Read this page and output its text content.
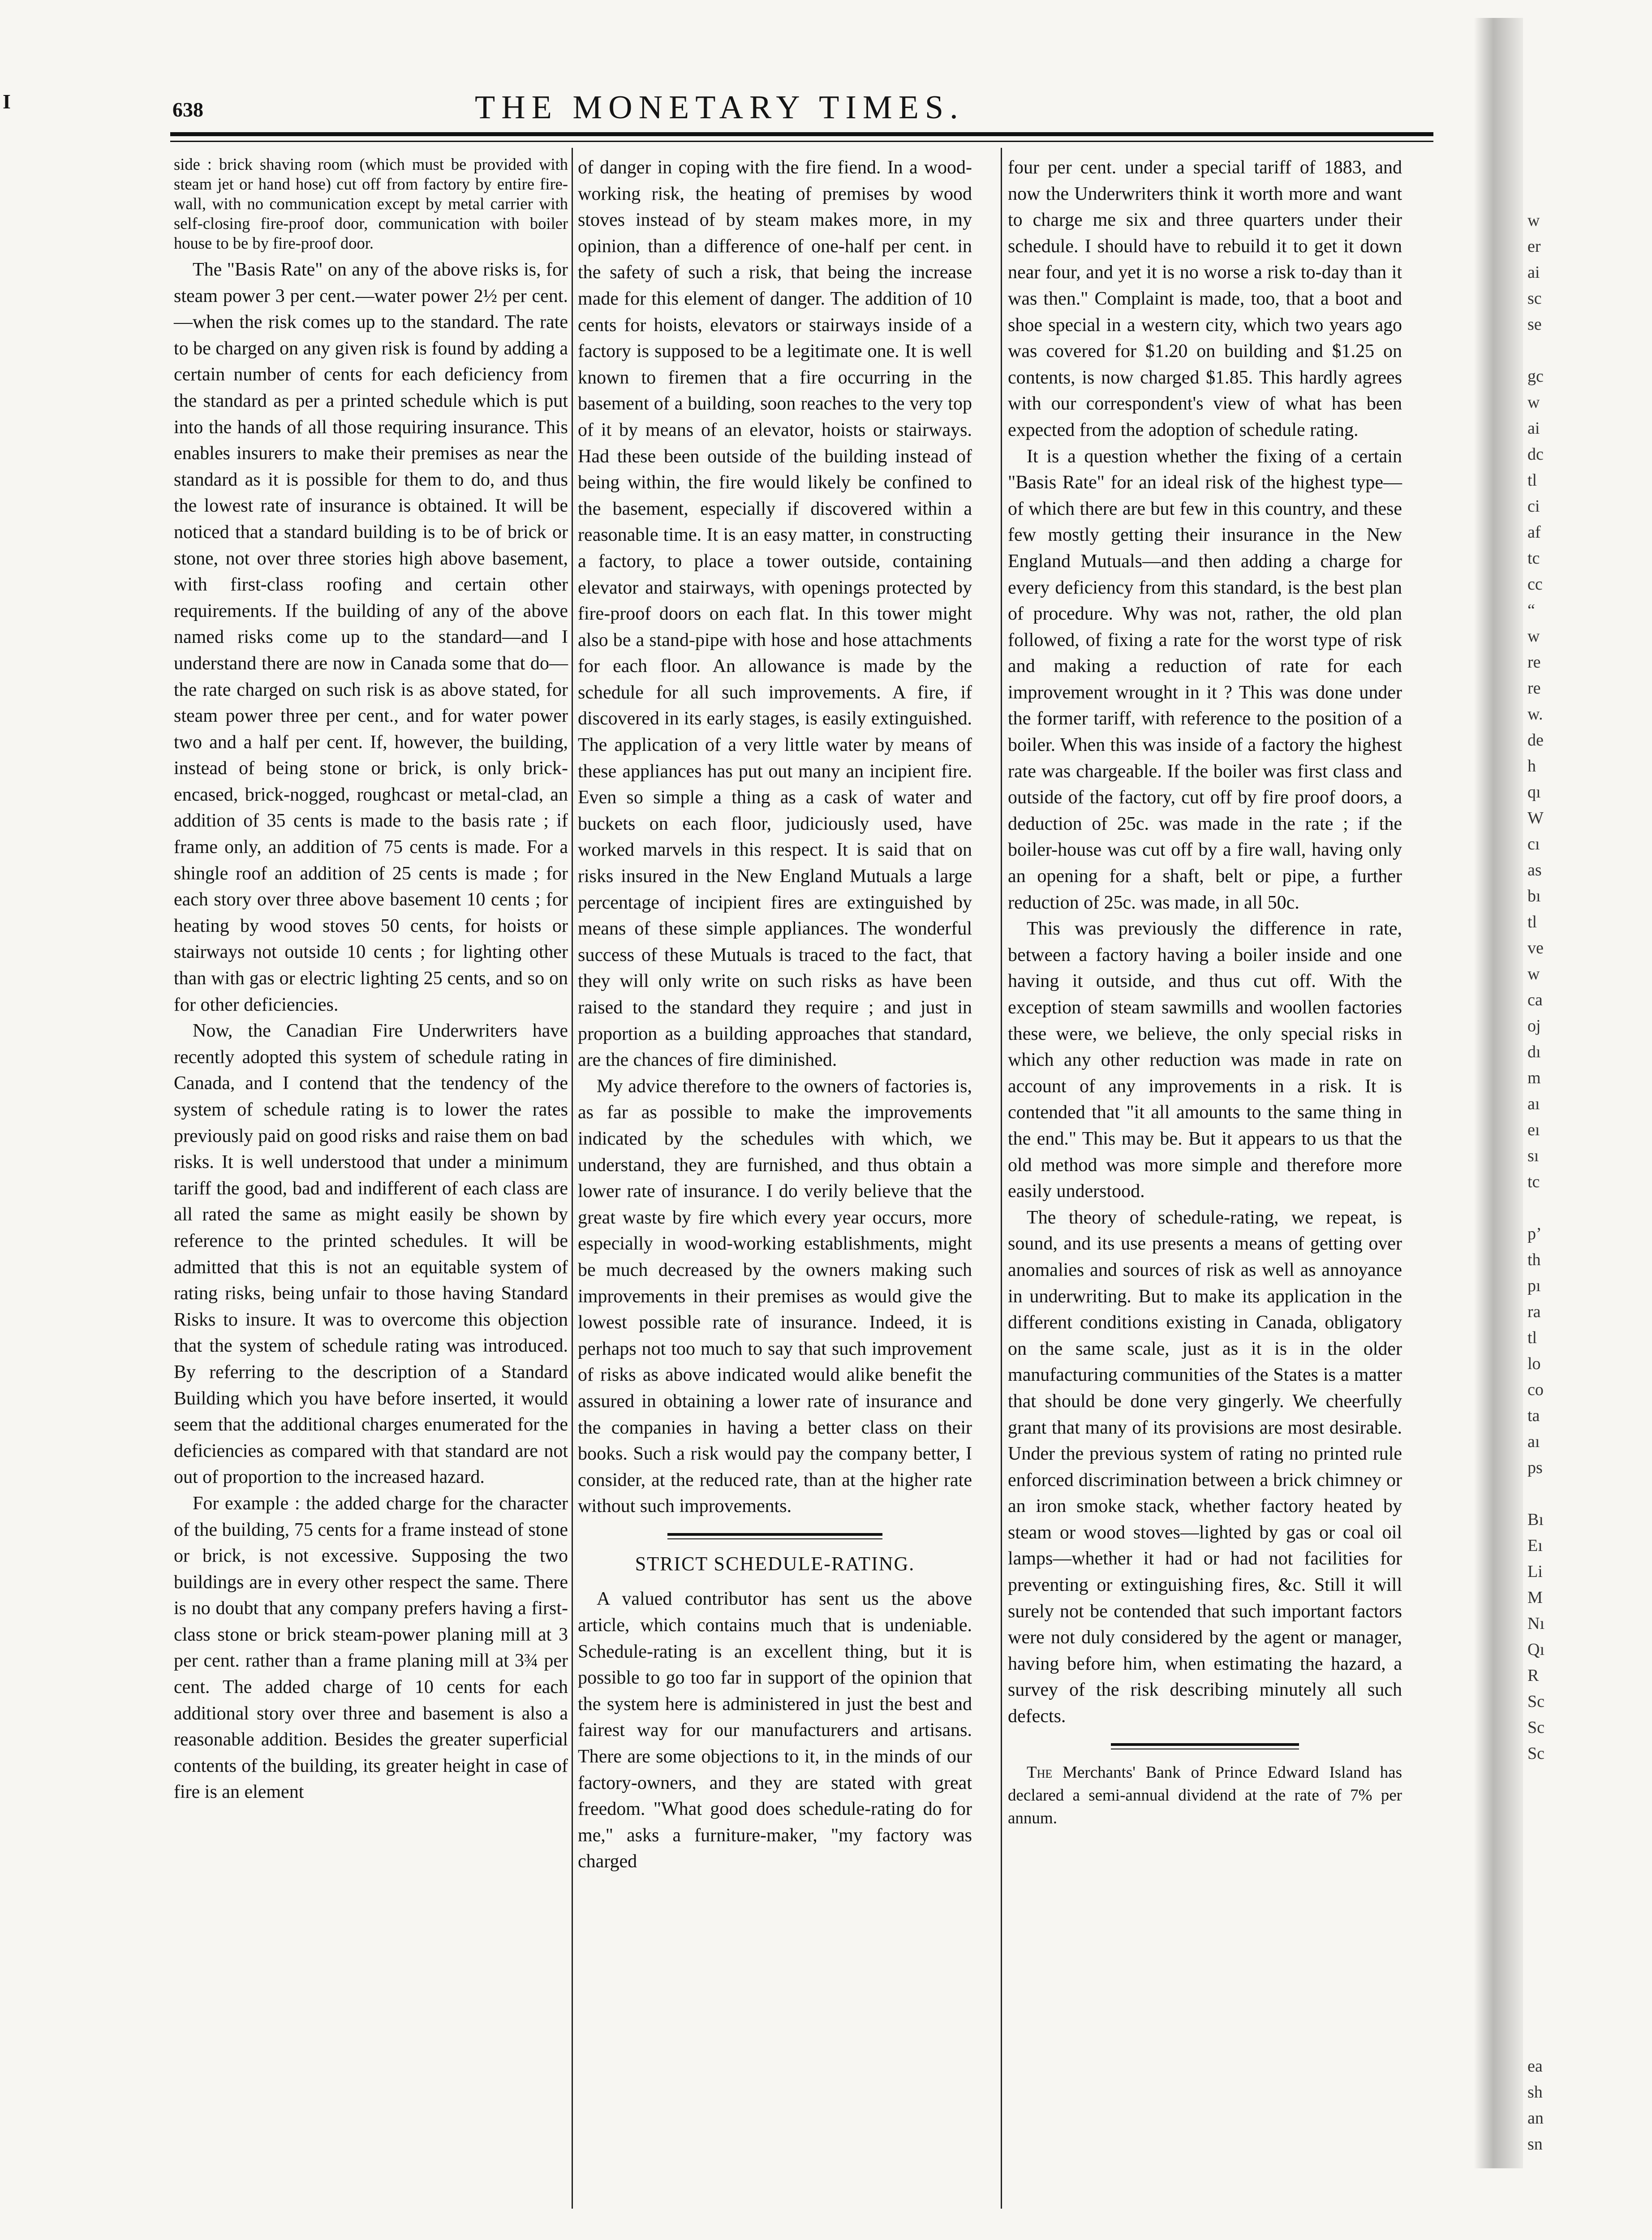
I	638	THE MONETARY TIMES.

side : brick shaving room (which must be provided with steam jet or hand hose) cut off from factory by entire fire-wall, with no communication except by metal carrier with self-closing fire-proof door, communication with boiler house to be by fire-proof door.

The "Basis Rate" on any of the above risks is, for steam power 3 per cent.—water power 2½ per cent.—when the risk comes up to the standard. The rate to be charged on any given risk is found by adding a certain number of cents for each deficiency from the standard as per a printed schedule which is put into the hands of all those requiring insurance. This enables insurers to make their premises as near the standard as it is possible for them to do, and thus the lowest rate of insurance is obtained. It will be noticed that a standard building is to be of brick or stone, not over three stories high above basement, with first-class roofing and certain other requirements. If the building of any of the above named risks come up to the standard—and I understand there are now in Canada some that do—the rate charged on such risk is as above stated, for steam power three per cent., and for water power two and a half per cent. If, however, the building, instead of being stone or brick, is only brick-encased, brick-nogged, roughcast or metal-clad, an addition of 35 cents is made to the basis rate ; if frame only, an addition of 75 cents is made. For a shingle roof an addition of 25 cents is made ; for each story over three above basement 10 cents ; for heating by wood stoves 50 cents, for hoists or stairways not outside 10 cents ; for lighting other than with gas or electric lighting 25 cents, and so on for other deficiencies.

Now, the Canadian Fire Underwriters have recently adopted this system of schedule rating in Canada, and I contend that the tendency of the system of schedule rating is to lower the rates previously paid on good risks and raise them on bad risks. It is well understood that under a minimum tariff the good, bad and indifferent of each class are all rated the same as might easily be shown by reference to the printed schedules. It will be admitted that this is not an equitable system of rating risks, being unfair to those having Standard Risks to insure. It was to overcome this objection that the system of schedule rating was introduced. By referring to the description of a Standard Building which you have before inserted, it would seem that the additional charges enumerated for the deficiencies as compared with that standard are not out of proportion to the increased hazard.

For example : the added charge for the character of the building, 75 cents for a frame instead of stone or brick, is not excessive. Supposing the two buildings are in every other respect the same. There is no doubt that any company prefers having a first-class stone or brick steam-power planing mill at 3 per cent. rather than a frame planing mill at 3¾ per cent. The added charge of 10 cents for each additional story over three and basement is also a reasonable addition. Besides the greater superficial contents of the building, its greater height in case of fire is an element

of danger in coping with the fire fiend. In a wood-working risk, the heating of premises by wood stoves instead of by steam makes more, in my opinion, than a difference of one-half per cent. in the safety of such a risk, that being the increase made for this element of danger. The addition of 10 cents for hoists, elevators or stairways inside of a factory is supposed to be a legitimate one. It is well known to firemen that a fire occurring in the basement of a building, soon reaches to the very top of it by means of an elevator, hoists or stairways. Had these been outside of the building instead of being within, the fire would likely be confined to the basement, especially if discovered within a reasonable time. It is an easy matter, in constructing a factory, to place a tower outside, containing elevator and stairways, with openings protected by fire-proof doors on each flat. In this tower might also be a stand-pipe with hose and hose attachments for each floor. An allowance is made by the schedule for all such improvements. A fire, if discovered in its early stages, is easily extinguished. The application of a very little water by means of these appliances has put out many an incipient fire. Even so simple a thing as a cask of water and buckets on each floor, judiciously used, have worked marvels in this respect. It is said that on risks insured in the New England Mutuals a large percentage of incipient fires are extinguished by means of these simple appliances. The wonderful success of these Mutuals is traced to the fact, that they will only write on such risks as have been raised to the standard they require ; and just in proportion as a building approaches that standard, are the chances of fire diminished.

My advice therefore to the owners of factories is, as far as possible to make the improvements indicated by the schedules with which, we understand, they are furnished, and thus obtain a lower rate of insurance. I do verily believe that the great waste by fire which every year occurs, more especially in wood-working establishments, might be much decreased by the owners making such improvements in their premises as would give the lowest possible rate of insurance. Indeed, it is perhaps not too much to say that such improvement of risks as above indicated would alike benefit the assured in obtaining a lower rate of insurance and the companies in having a better class on their books. Such a risk would pay the company better, I consider, at the reduced rate, than at the higher rate without such improvements.

STRICT SCHEDULE-RATING.

A valued contributor has sent us the above article, which contains much that is undeniable. Schedule-rating is an excellent thing, but it is possible to go too far in support of the opinion that the system here is administered in just the best and fairest way for our manufacturers and artisans. There are some objections to it, in the minds of our factory-owners, and they are stated with great freedom. "What good does schedule-rating do for me," asks a furniture-maker, "my factory was charged

four per cent. under a special tariff of 1883, and now the Underwriters think it worth more and want to charge me six and three quarters under their schedule. I should have to rebuild it to get it down near four, and yet it is no worse a risk to-day than it was then." Complaint is made, too, that a boot and shoe special in a western city, which two years ago was covered for $1.20 on building and $1.25 on contents, is now charged $1.85. This hardly agrees with our correspondent's view of what has been expected from the adoption of schedule rating.

It is a question whether the fixing of a certain "Basis Rate" for an ideal risk of the highest type—of which there are but few in this country, and these few mostly getting their insurance in the New England Mutuals—and then adding a charge for every deficiency from this standard, is the best plan of procedure. Why was not, rather, the old plan followed, of fixing a rate for the worst type of risk and making a reduction of rate for each improvement wrought in it ? This was done under the former tariff, with reference to the position of a boiler. When this was inside of a factory the highest rate was chargeable. If the boiler was first class and outside of the factory, cut off by fire proof doors, a deduction of 25c. was made in the rate ; if the boiler-house was cut off by a fire wall, having only an opening for a shaft, belt or pipe, a further reduction of 25c. was made, in all 50c.

This was previously the difference in rate, between a factory having a boiler inside and one having it outside, and thus cut off. With the exception of steam sawmills and woollen factories these were, we believe, the only special risks in which any other reduction was made in rate on account of any improvements in a risk. It is contended that "it all amounts to the same thing in the end." This may be. But it appears to us that the old method was more simple and therefore more easily understood.

The theory of schedule-rating, we repeat, is sound, and its use presents a means of getting over anomalies and sources of risk as well as annoyance in underwriting. But to make its application in the different conditions existing in Canada, obligatory on the same scale, just as it is in the older manufacturing communities of the States is a matter that should be done very gingerly. We cheerfully grant that many of its provisions are most desirable. Under the previous system of rating no printed rule enforced discrimination between a brick chimney or an iron smoke stack, whether factory heated by steam or wood stoves—lighted by gas or coal oil lamps—whether it had or had not facilities for preventing or extinguishing fires, &c. Still it will surely not be contended that such important factors were not duly considered by the agent or manager, having before him, when estimating the hazard, a survey of the risk describing minutely all such defects.

The Merchants' Bank of Prince Edward Island has declared a semi-annual dividend at the rate of 7% per annum.

w
er
ai
sc
se
gc
w
ai
dc
tl
ci
af
tc
cc
“
w
re
re
w.
de
h
qı
W
cı
as
bı
tl
ve
w
ca
oj
dı
m
aı
eı
sı
tc
p’
th
pı
ra
tl
lo
co
ta
aı
ps
Bı
Eı
Li
M
Nı
Qı
R
Sc
Sc
Sc
ea
sh
an
sn
